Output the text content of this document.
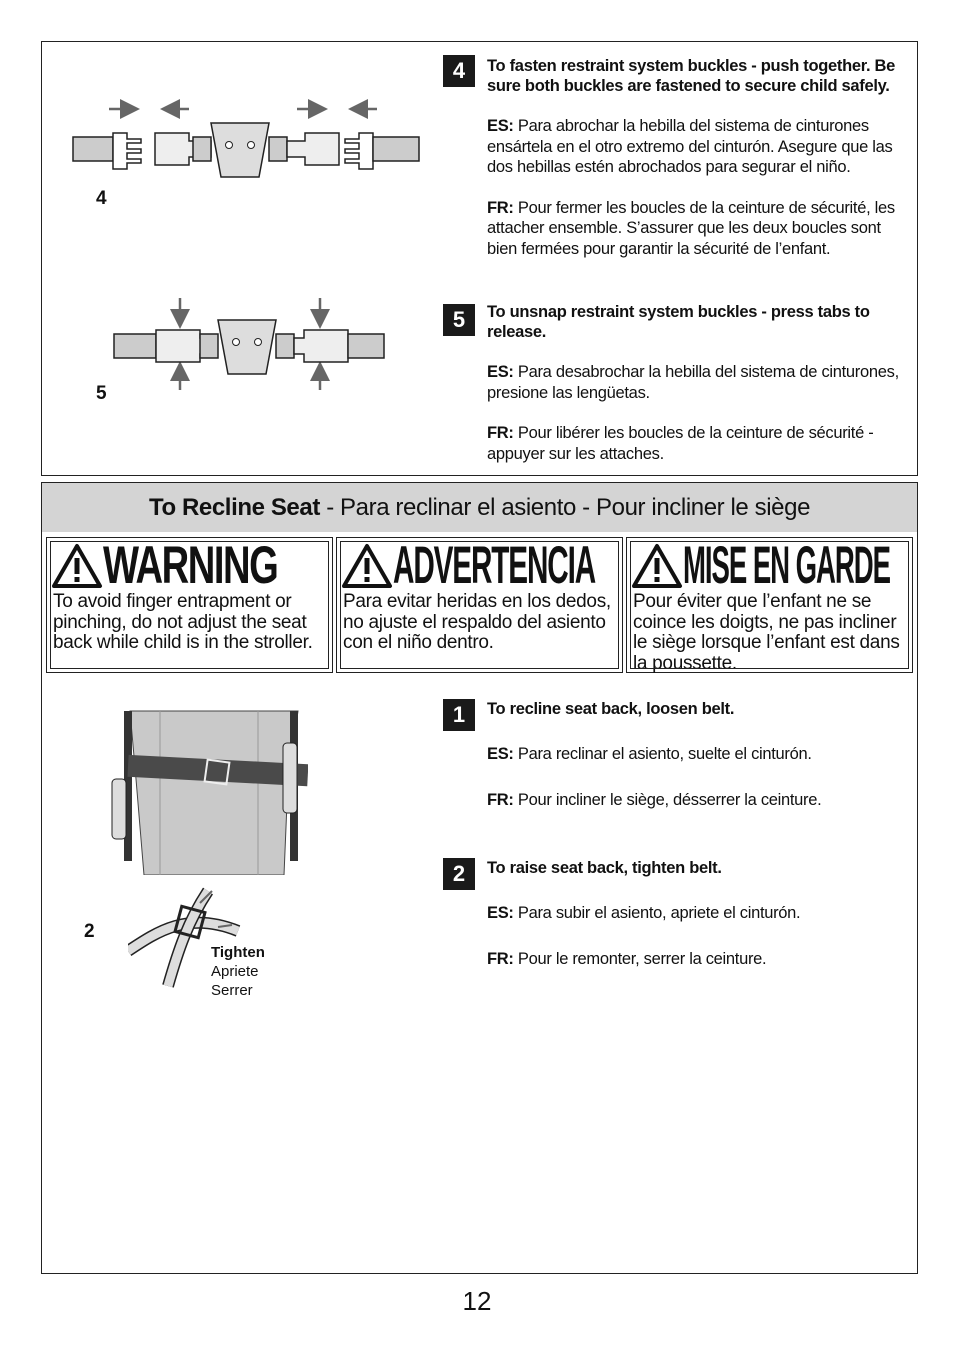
4
5
4	To fasten restraint system buckles - push together. Be sure both buckles are fastened to secure child safely.
ES: Para abrochar la hebilla del sistema de cinturones ensártela en el otro extremo del cinturón. Asegure que las dos hebillas estén abrochados para segurar el niño.
FR: Pour fermer les boucles de la ceinture de sécurité, les attacher ensemble. S’assurer que les deux boucles sont bien fermées pour garantir la sécurité de l’enfant.
5	To unsnap restraint system buckles - press tabs to release.
ES: Para desabrochar la hebilla del sistema de cinturones, presione las lengüetas.
FR: Pour libérer les boucles de la ceinture de sécurité - appuyer sur les attaches.
To Recline Seat - Para reclinar el asiento - Pour incliner le siège
WARNING
To avoid finger entrapment or pinching, do not adjust the seat back while child is in the stroller.
ADVERTENCIA
Para evitar heridas en los dedos, no ajuste el respaldo del asiento con el niño dentro.
MISE EN GARDE
Pour éviter que l’enfant ne se coince les doigts, ne pas incliner le siège lorsque l’enfant est dans la poussette.
2
Tighten
Apriete
Serrer
1	To recline seat back, loosen belt.
ES: Para reclinar el asiento, suelte el cinturón.
FR: Pour incliner le siège, désserrer la ceinture.
2	To raise seat back, tighten belt.
ES: Para subir el asiento, apriete el cinturón.
FR: Pour le remonter, serrer la ceinture.
12
